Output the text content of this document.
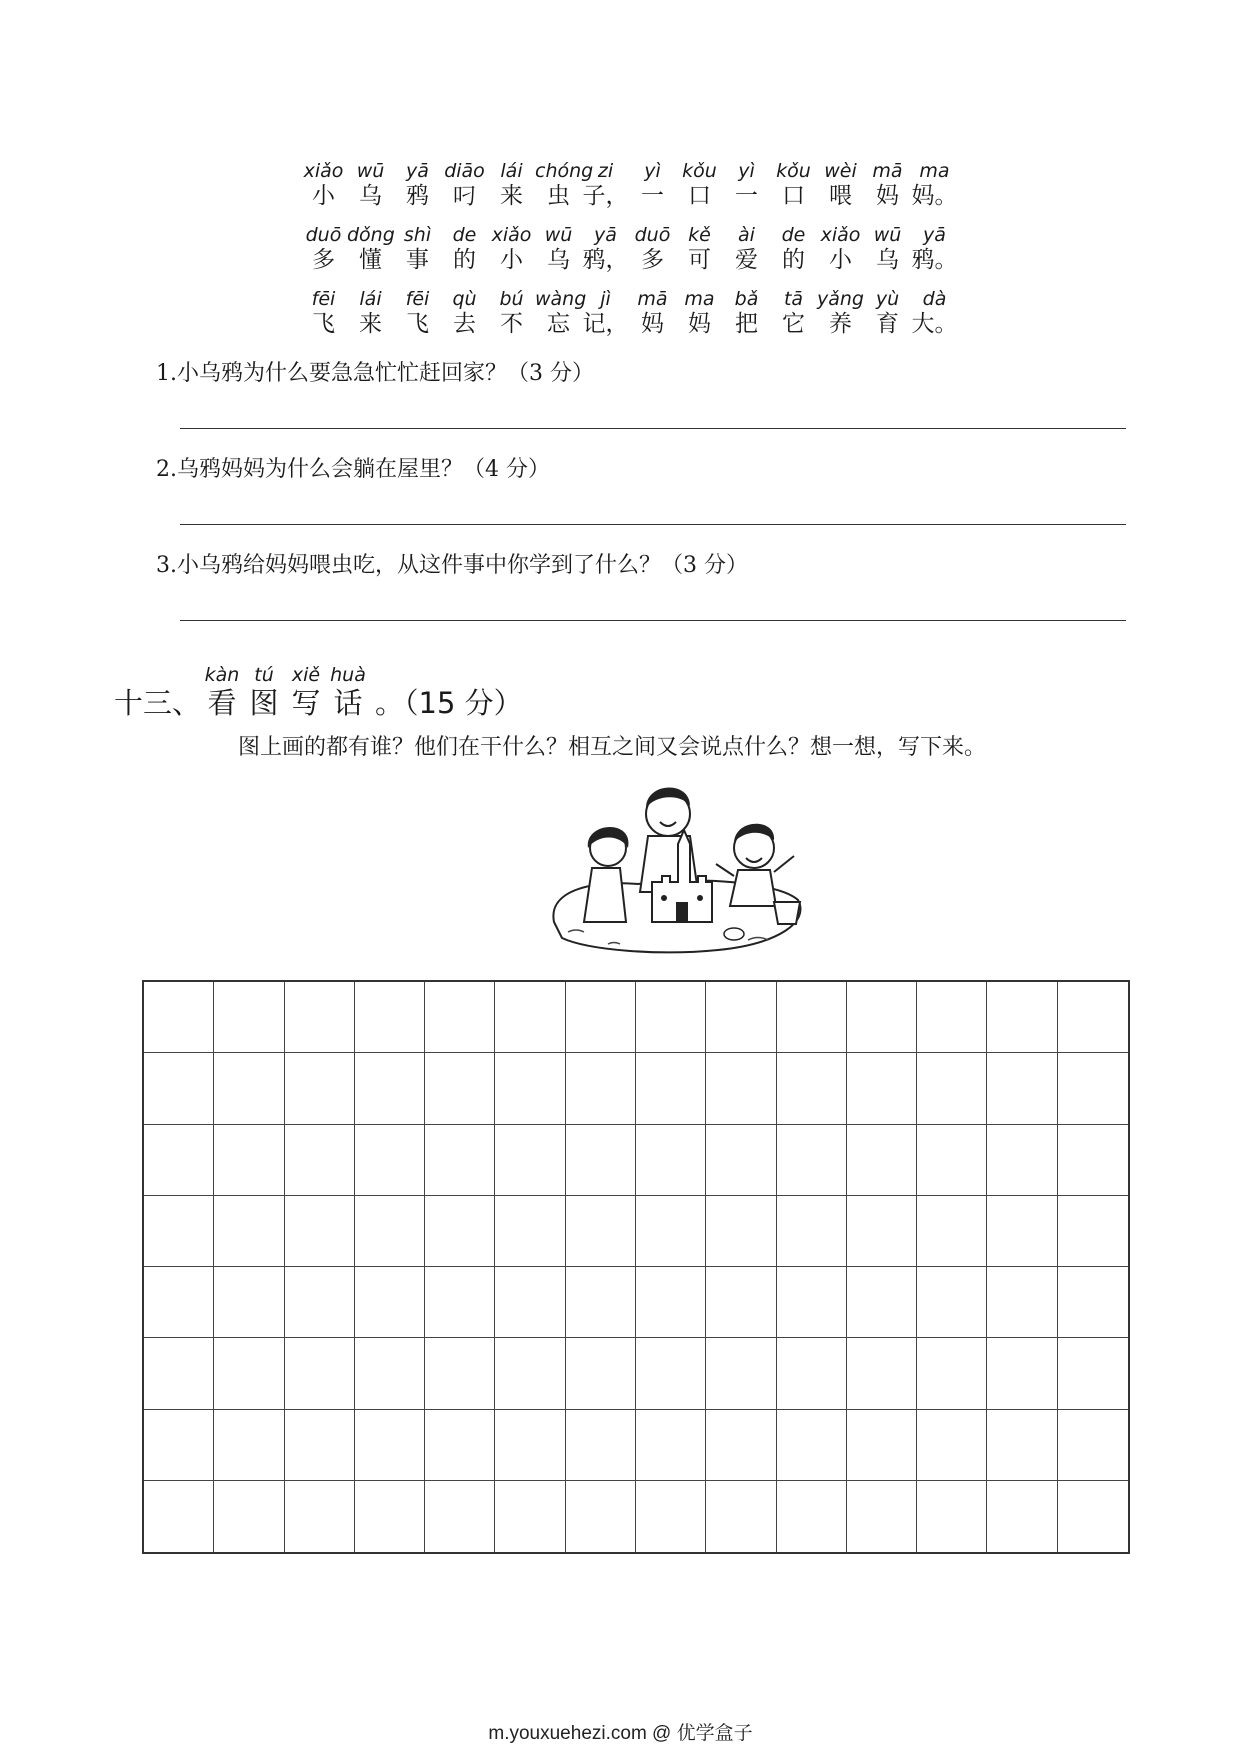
xiǎo
小
wū
乌
yā
鸦
diāo
叼
lái
来
chóng
虫
zi
子，
yì
一
kǒu
口
yì
一
kǒu
口
wèi
喂
mā
妈
ma
妈。
duō
多
dǒng
懂
shì
事
de
的
xiǎo
小
wū
乌
yā
鸦，
duō
多
kě
可
ài
爱
de
的
xiǎo
小
wū
乌
yā
鸦。
fēi
飞
lái
来
fēi
飞
qù
去
bú
不
wàng
忘
jì
记，
mā
妈
ma
妈
bǎ
把
tā
它
yǎng
养
yù
育
dà
大。
1.小乌鸦为什么要急急忙忙赶回家？（3 分）
2.乌鸦妈妈为什么会躺在屋里？（4 分）
3.小乌鸦给妈妈喂虫吃，从这件事中你学到了什么？（3 分）
十三、
kàn
看
tú
图
xiě
写
huà
话 。（15 分）
图上画的都有谁？他们在干什么？相互之间又会说点什么？想一想，写下来。
m.youxuehezi.com @ 优学盒子
